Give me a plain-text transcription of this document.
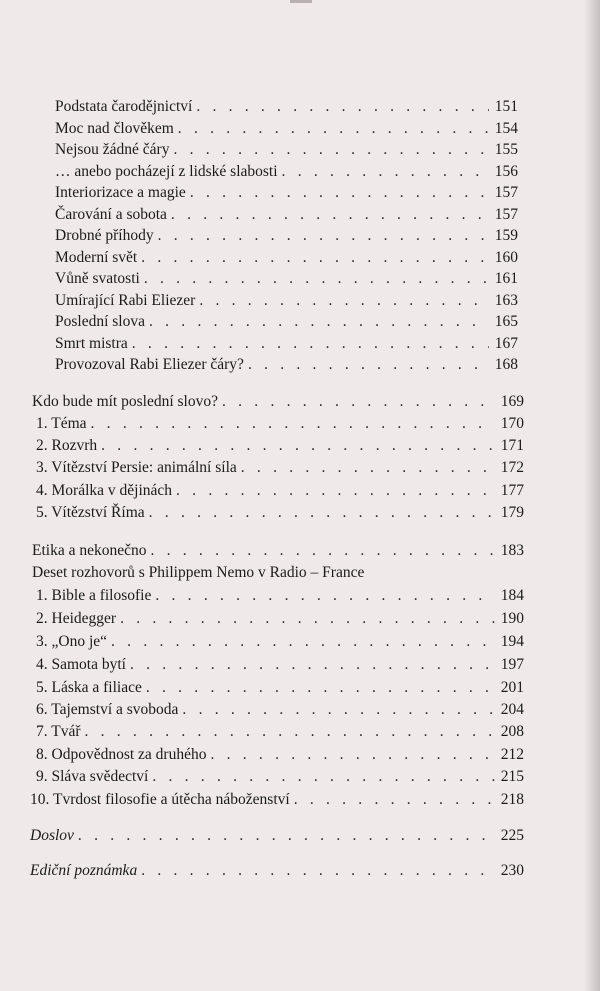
Podstata čarodějnictví . . .	151
Moc nad člověkem . . .	154
Nejsou žádné čáry . . .	155
… anebo pocházejí z lidské slabosti . . .	156
Interiorizace a magie . . .	157
Čarování a sobota . . .	157
Drobné příhody . . .	159
Moderní svět . . .	160
Vůně svatosti . . .	161
Umírající Rabi Eliezer . . .	163
Poslední slova . . .	165
Smrt mistra . . .	167
Provozoval Rabi Eliezer čáry? . . .	168
Kdo bude mít poslední slovo? . . .	169
1. Téma . . .	170
2. Rozvrh . . .	171
3. Vítězství Persie: animální síla . . .	172
4. Morálka v dějinách . . .	177
5. Vítězství Říma . . .	179
Etika a nekonečno . . .	183
Deset rozhovorů s Philippem Nemo v Radio – France
1. Bible a filosofie . . .	184
2. Heidegger . . .	190
3. „Ono je“ . . .	194
4. Samota bytí . . .	197
5. Láska a filiace . . .	201
6. Tajemství a svoboda . . .	204
7. Tvář . . .	208
8. Odpovědnost za druhého . . .	212
9. Sláva svědectví . . .	215
10. Tvrdost filosofie a útěcha náboženství . . .	218
Doslov . . .	225
Ediční poznámka . . .	230
